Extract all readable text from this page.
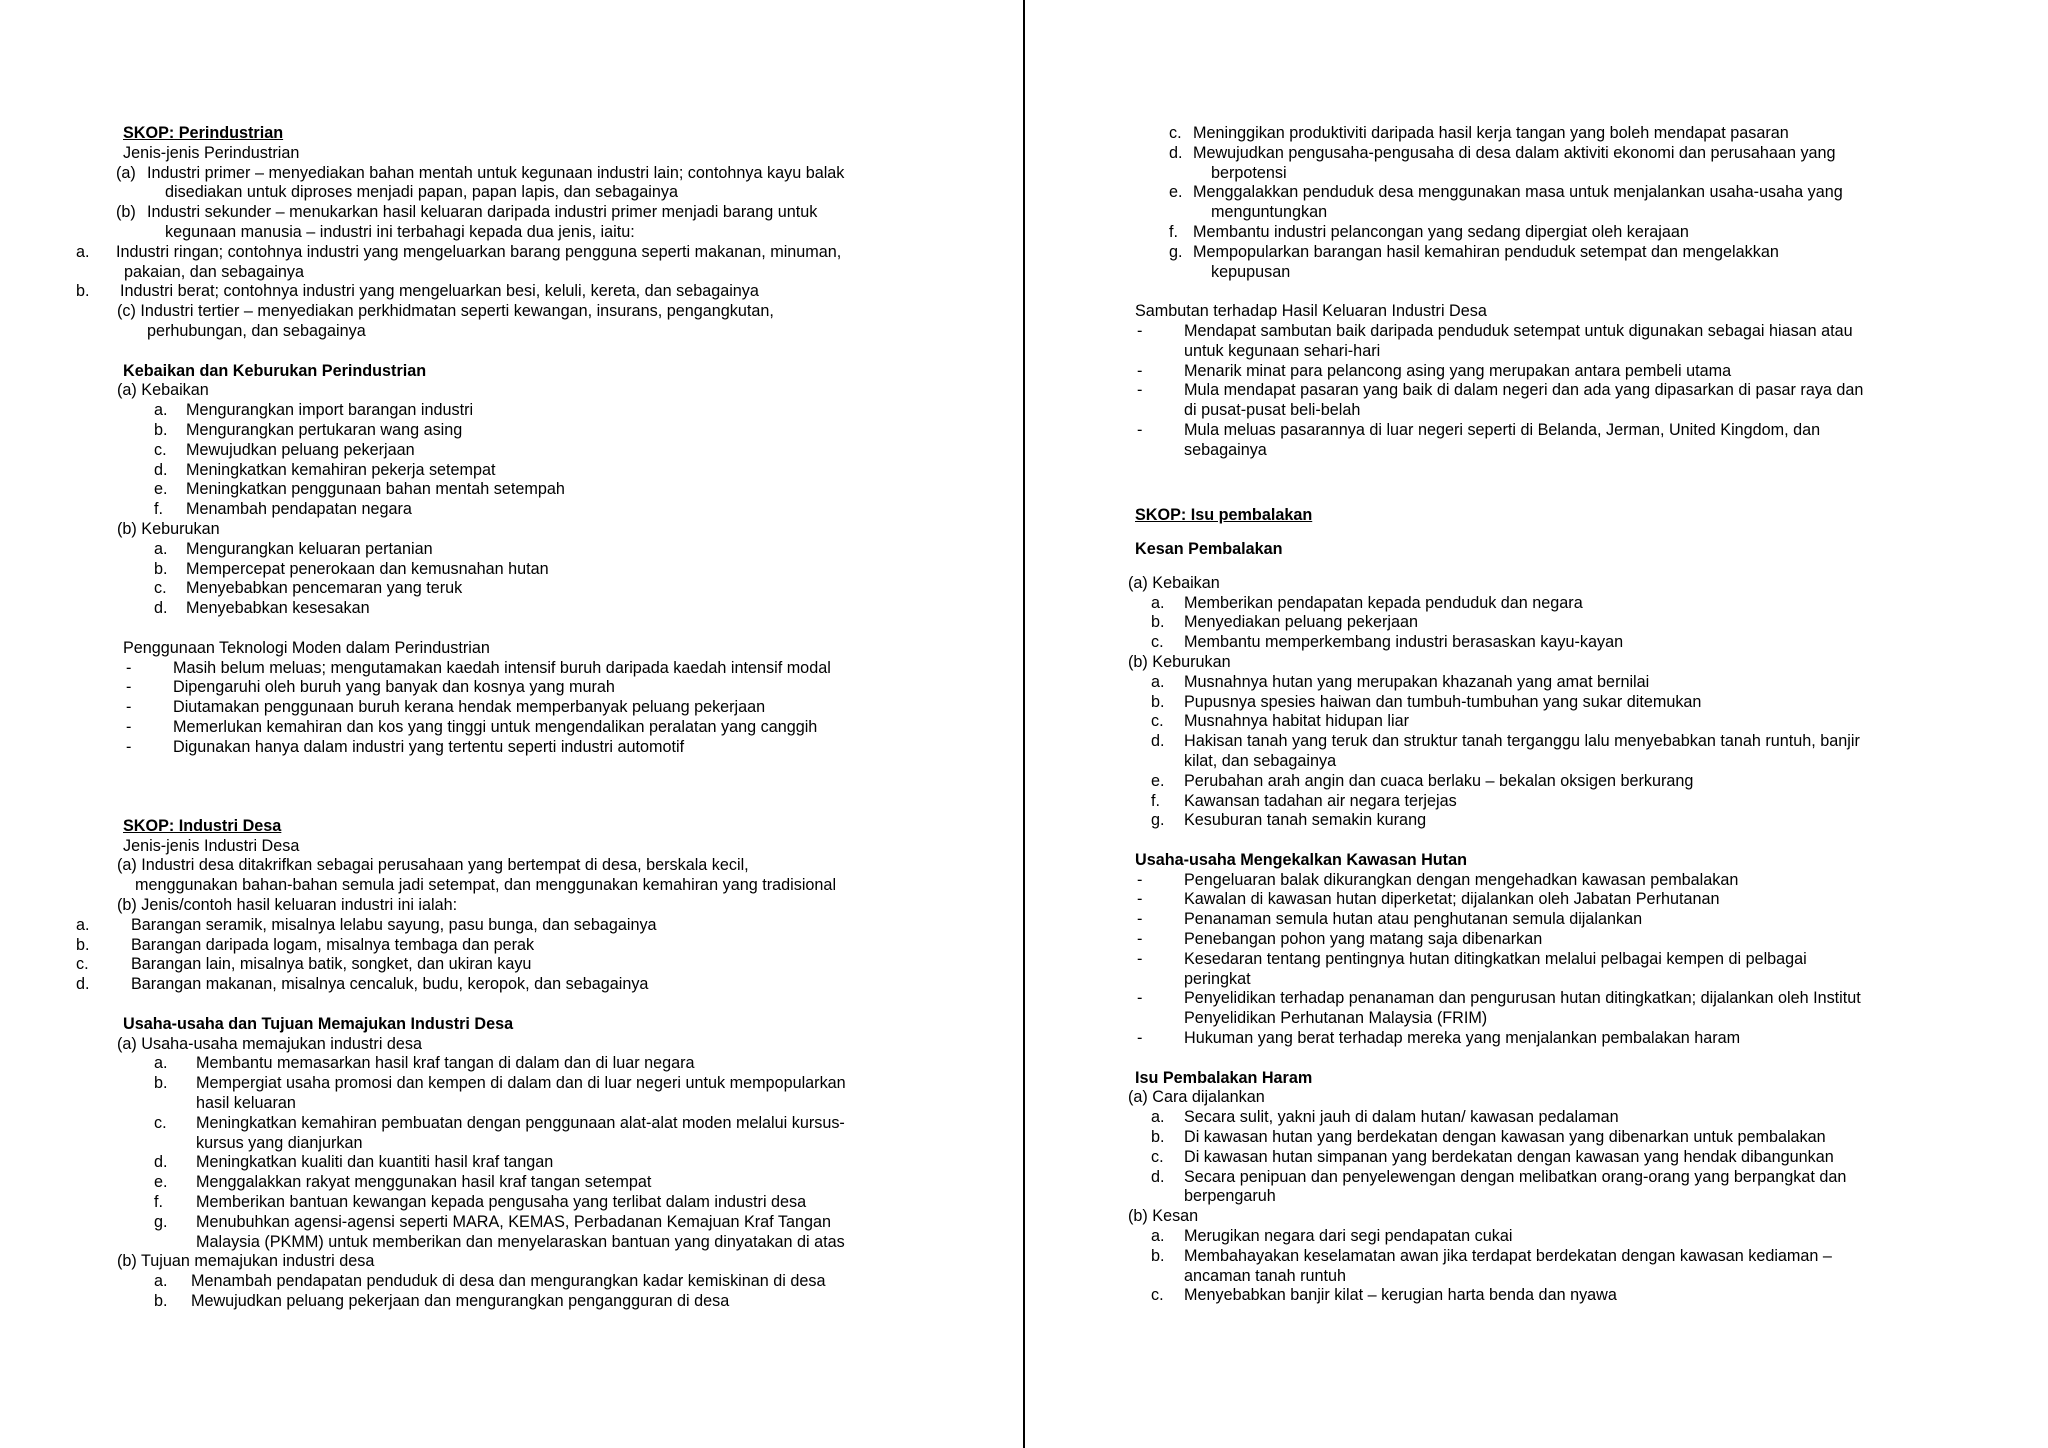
SKOP: Perindustrian
Jenis-jenis Perindustrian
(a) Industri primer – menyediakan bahan mentah untuk kegunaan industri lain; contohnya kayu balak
disediakan untuk diproses menjadi papan, papan lapis, dan sebagainya
(b) Industri sekunder – menukarkan hasil keluaran daripada industri primer menjadi barang untuk
kegunaan manusia – industri ini terbahagi kepada dua jenis, iaitu:
a. Industri ringan; contohnya industri yang mengeluarkan barang pengguna seperti makanan, minuman,
pakaian, dan sebagainya
b. Industri berat; contohnya industri yang mengeluarkan besi, keluli, kereta, dan sebagainya
(c) Industri tertier – menyediakan perkhidmatan seperti kewangan, insurans, pengangkutan,
perhubungan, dan sebagainya
Kebaikan dan Keburukan Perindustrian
(a) Kebaikan
a. Mengurangkan import barangan industri
b. Mengurangkan pertukaran wang asing
c. Mewujudkan peluang pekerjaan
d. Meningkatkan kemahiran pekerja setempat
e. Meningkatkan penggunaan bahan mentah setempah
f. Menambah pendapatan negara
(b) Keburukan
a. Mengurangkan keluaran pertanian
b. Mempercepat penerokaan dan kemusnahan hutan
c. Menyebabkan pencemaran yang teruk
d. Menyebabkan kesesakan
Penggunaan Teknologi Moden dalam Perindustrian
-	Masih belum meluas; mengutamakan kaedah intensif buruh daripada kaedah intensif modal
-	Dipengaruhi oleh buruh yang banyak dan kosnya yang murah
-	Diutamakan penggunaan buruh kerana hendak memperbanyak peluang pekerjaan
-	Memerlukan kemahiran dan kos yang tinggi untuk mengendalikan peralatan yang canggih
-	Digunakan hanya dalam industri yang tertentu seperti industri automotif
SKOP: Industri Desa
Jenis-jenis Industri Desa
(a) Industri desa ditakrifkan sebagai perusahaan yang bertempat di desa, berskala kecil,
menggunakan bahan-bahan semula jadi setempat, dan menggunakan kemahiran yang tradisional
(b) Jenis/contoh hasil keluaran industri ini ialah:
a.	Barangan seramik, misalnya lelabu sayung, pasu bunga, dan sebagainya
b.	Barangan daripada logam, misalnya tembaga dan perak
c.	Barangan lain, misalnya batik, songket, dan ukiran kayu
d.	Barangan makanan, misalnya cencaluk, budu, keropok, dan sebagainya
Usaha-usaha dan Tujuan Memajukan Industri Desa
(a) Usaha-usaha memajukan industri desa
a. Membantu memasarkan hasil kraf tangan di dalam dan di luar negara
b. Mempergiat usaha promosi dan kempen di dalam dan di luar negeri untuk mempopularkan
hasil keluaran
c. Meningkatkan kemahiran pembuatan dengan penggunaan alat-alat moden melalui kursus-
kursus yang dianjurkan
d. Meningkatkan kualiti dan kuantiti hasil kraf tangan
e. Menggalakkan rakyat menggunakan hasil kraf tangan setempat
f. Memberikan bantuan kewangan kepada pengusaha yang terlibat dalam industri desa
g. Menubuhkan agensi-agensi seperti MARA, KEMAS, Perbadanan Kemajuan Kraf Tangan
Malaysia (PKMM) untuk memberikan dan menyelaraskan bantuan yang dinyatakan di atas
(b) Tujuan memajukan industri desa
a. Menambah pendapatan penduduk di desa dan mengurangkan kadar kemiskinan di desa
b. Mewujudkan peluang pekerjaan dan mengurangkan pengangguran di desa
c. Meninggikan produktiviti daripada hasil kerja tangan yang boleh mendapat pasaran
d. Mewujudkan pengusaha-pengusaha di desa dalam aktiviti ekonomi dan perusahaan yang
berpotensi
e. Menggalakkan penduduk desa menggunakan masa untuk menjalankan usaha-usaha yang
menguntungkan
f. Membantu industri pelancongan yang sedang dipergiat oleh kerajaan
g. Mempopularkan barangan hasil kemahiran penduduk setempat dan mengelakkan
kepupusan
Sambutan terhadap Hasil Keluaran Industri Desa
-	Mendapat sambutan baik daripada penduduk setempat untuk digunakan sebagai hiasan atau
untuk kegunaan sehari-hari
-	Menarik minat para pelancong asing yang merupakan antara pembeli utama
-	Mula mendapat pasaran yang baik di dalam negeri dan ada yang dipasarkan di pasar raya dan
di pusat-pusat beli-belah
-	Mula meluas pasarannya di luar negeri seperti di Belanda, Jerman, United Kingdom, dan
sebagainya
SKOP: Isu pembalakan
Kesan Pembalakan
(a) Kebaikan
a. Memberikan pendapatan kepada penduduk dan negara
b. Menyediakan peluang pekerjaan
c. Membantu memperkembang industri berasaskan kayu-kayan
(b) Keburukan
a. Musnahnya hutan yang merupakan khazanah yang amat bernilai
b. Pupusnya spesies haiwan dan tumbuh-tumbuhan yang sukar ditemukan
c. Musnahnya habitat hidupan liar
d. Hakisan tanah yang teruk dan struktur tanah terganggu lalu menyebabkan tanah runtuh, banjir
kilat, dan sebagainya
e. Perubahan arah angin dan cuaca berlaku – bekalan oksigen berkurang
f. Kawansan tadahan air negara terjejas
g. Kesuburan tanah semakin kurang
Usaha-usaha Mengekalkan Kawasan Hutan
-	Pengeluaran balak dikurangkan dengan mengehadkan kawasan pembalakan
-	Kawalan di kawasan hutan diperketat; dijalankan oleh Jabatan Perhutanan
-	Penanaman semula hutan atau penghutanan semula dijalankan
-	Penebangan pohon yang matang saja dibenarkan
-	Kesedaran tentang pentingnya hutan ditingkatkan melalui pelbagai kempen di pelbagai
peringkat
-	Penyelidikan terhadap penanaman dan pengurusan hutan ditingkatkan; dijalankan oleh Institut
Penyelidikan Perhutanan Malaysia (FRIM)
-	Hukuman yang berat terhadap mereka yang menjalankan pembalakan haram
Isu Pembalakan Haram
(a) Cara dijalankan
a. Secara sulit, yakni jauh di dalam hutan/ kawasan pedalaman
b. Di kawasan hutan yang berdekatan dengan kawasan yang dibenarkan untuk pembalakan
c. Di kawasan hutan simpanan yang berdekatan dengan kawasan yang hendak dibangunkan
d. Secara penipuan dan penyelewengan dengan melibatkan orang-orang yang berpangkat dan
berpengaruh
(b) Kesan
a. Merugikan negara dari segi pendapatan cukai
b. Membahayakan keselamatan awan jika terdapat berdekatan dengan kawasan kediaman –
ancaman tanah runtuh
c. Menyebabkan banjir kilat – kerugian harta benda dan nyawa
